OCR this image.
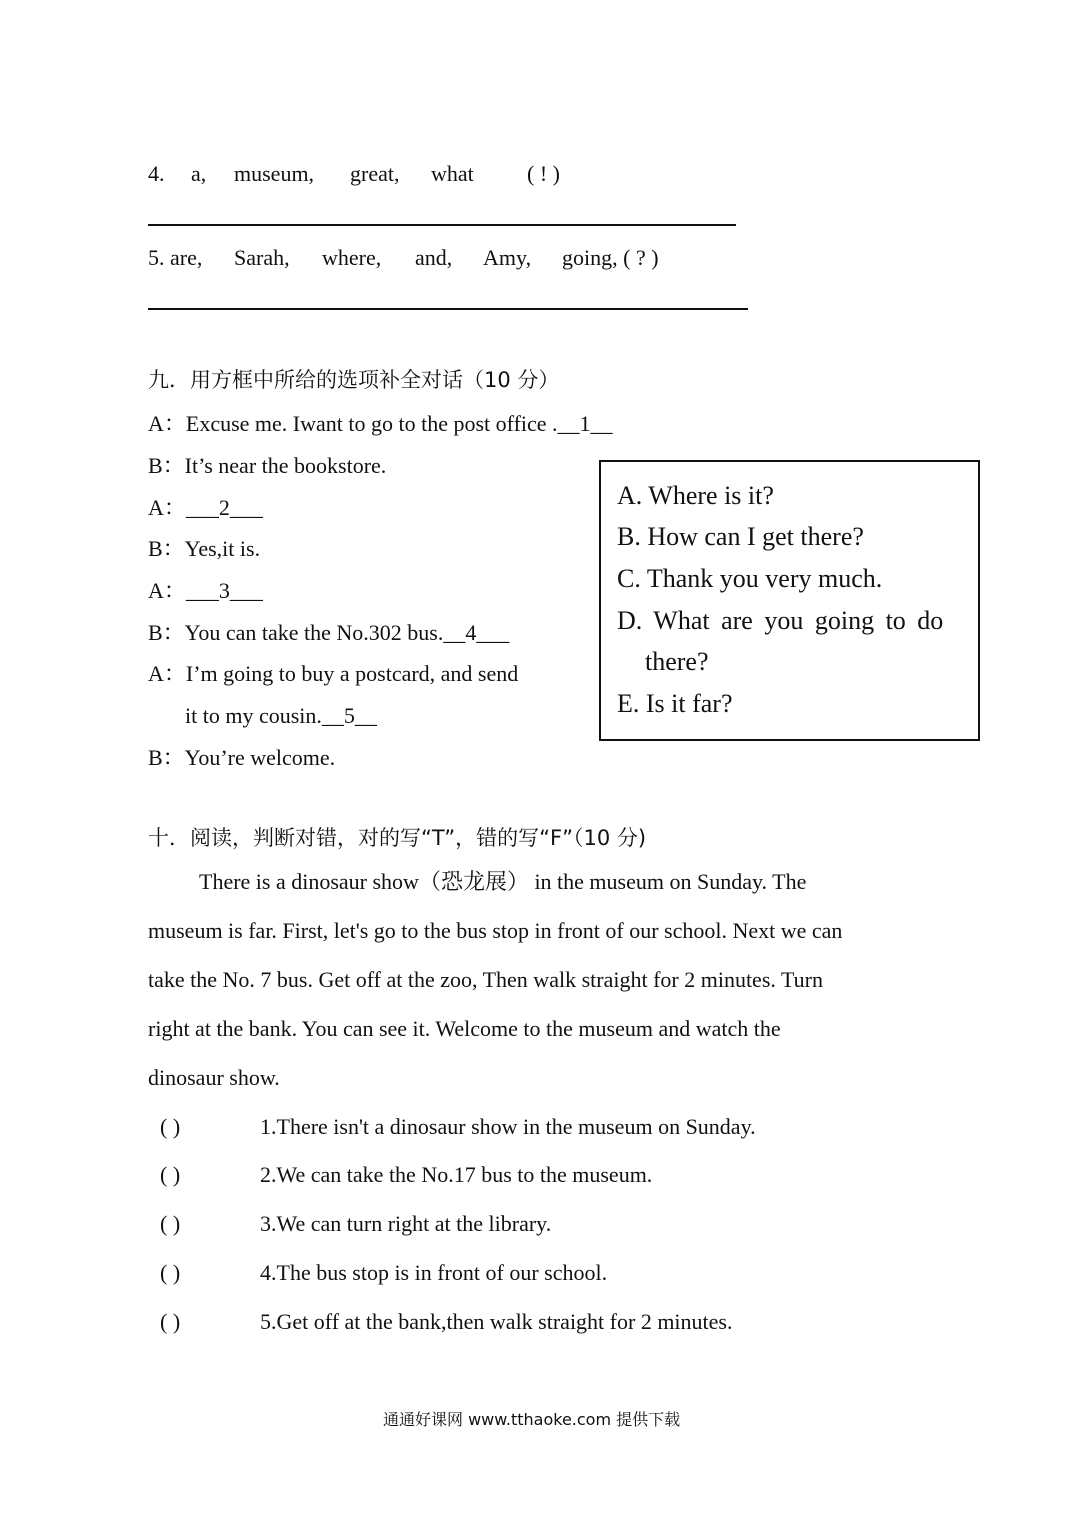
4. a, museum, great, what ( ! )
5. are, Sarah, where, and, Amy, going, ( ? )
九．用方框中所给的选项补全对话（10 分）
A：Excuse me. Iwant to go to the post office .__1__
B：It’s near the bookstore.
A：___2___
B：Yes,it is.
A：___3___
B：You can take the No.302 bus.__4___
A：I’m going to buy a postcard, and send
it to my cousin.__5__
B：You’re welcome.
A. Where is it?
B. How can I get there?
C. Thank you very much.
D. What are you going to do
there?
E. Is it far?
十．阅读，判断对错，对的写“T”，错的写“F”（10 分)
There is a dinosaur show（恐龙展） in the museum on Sunday. The
museum is far. First, let's go to the bus stop in front of our school. Next we can
take the No. 7 bus. Get off at the zoo, Then walk straight for 2 minutes. Turn
right at the bank. You can see it. Welcome to the museum and watch the
dinosaur show.
( )	1.There isn't a dinosaur show in the museum on Sunday.
( )	2.We can take the No.17 bus to the museum.
( )	3.We can turn right at the library.
( )	4.The bus stop is in front of our school.
( )	5.Get off at the bank,then walk straight for 2 minutes.
通通好课网 www.tthaoke.com 提供下载
